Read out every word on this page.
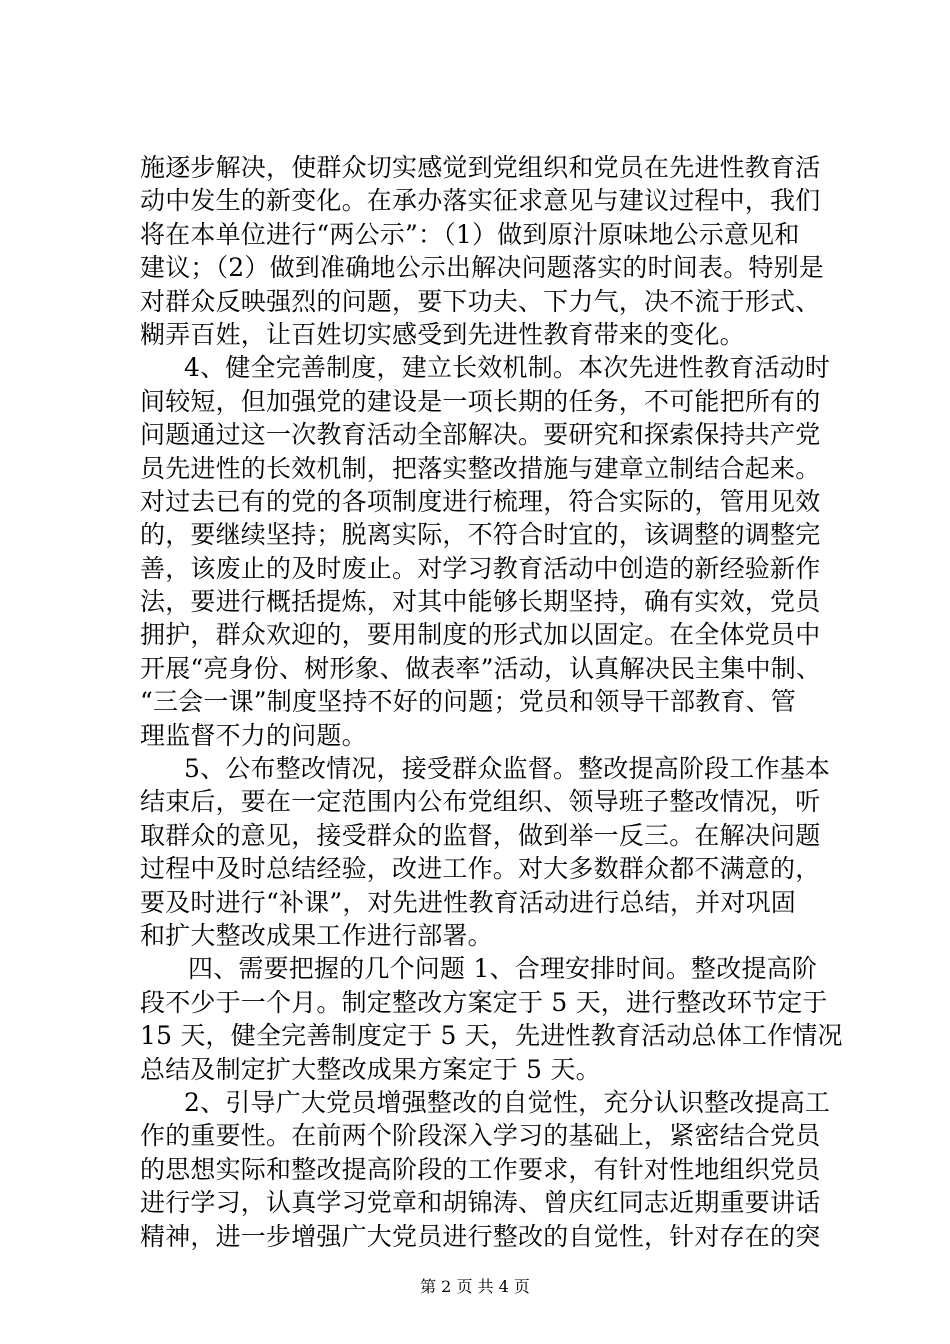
施逐步解决，使群众切实感觉到党组织和党员在先进性教育活
动中发生的新变化。在承办落实征求意见与建议过程中，我们
将在本单位进行“两公示”：（1）做到原汁原味地公示意见和
建议；（2）做到准确地公示出解决问题落实的时间表。特别是
对群众反映强烈的问题，要下功夫、下力气，决不流于形式、
糊弄百姓，让百姓切实感受到先进性教育带来的变化。
4、健全完善制度，建立长效机制。本次先进性教育活动时
间较短，但加强党的建设是一项长期的任务，不可能把所有的
问题通过这一次教育活动全部解决。要研究和探索保持共产党
员先进性的长效机制，把落实整改措施与建章立制结合起来。
对过去已有的党的各项制度进行梳理，符合实际的，管用见效
的，要继续坚持；脱离实际，不符合时宜的，该调整的调整完
善，该废止的及时废止。对学习教育活动中创造的新经验新作
法，要进行概括提炼，对其中能够长期坚持，确有实效，党员
拥护，群众欢迎的，要用制度的形式加以固定。在全体党员中
开展“亮身份、树形象、做表率”活动，认真解决民主集中制、
“三会一课”制度坚持不好的问题；党员和领导干部教育、管
理监督不力的问题。
5、公布整改情况，接受群众监督。整改提高阶段工作基本
结束后，要在一定范围内公布党组织、领导班子整改情况，听
取群众的意见，接受群众的监督，做到举一反三。在解决问题
过程中及时总结经验，改进工作。对大多数群众都不满意的，
要及时进行“补课”，对先进性教育活动进行总结，并对巩固
和扩大整改成果工作进行部署。
四、需要把握的几个问题 1、合理安排时间。整改提高阶
段不少于一个月。制定整改方案定于 5 天，进行整改环节定于
15 天，健全完善制度定于 5 天，先进性教育活动总体工作情况
总结及制定扩大整改成果方案定于 5 天。
2、引导广大党员增强整改的自觉性，充分认识整改提高工
作的重要性。在前两个阶段深入学习的基础上，紧密结合党员
的思想实际和整改提高阶段的工作要求，有针对性地组织党员
进行学习，认真学习党章和胡锦涛、曾庆红同志近期重要讲话
精神，进一步增强广大党员进行整改的自觉性，针对存在的突
第 2 页 共 4 页
